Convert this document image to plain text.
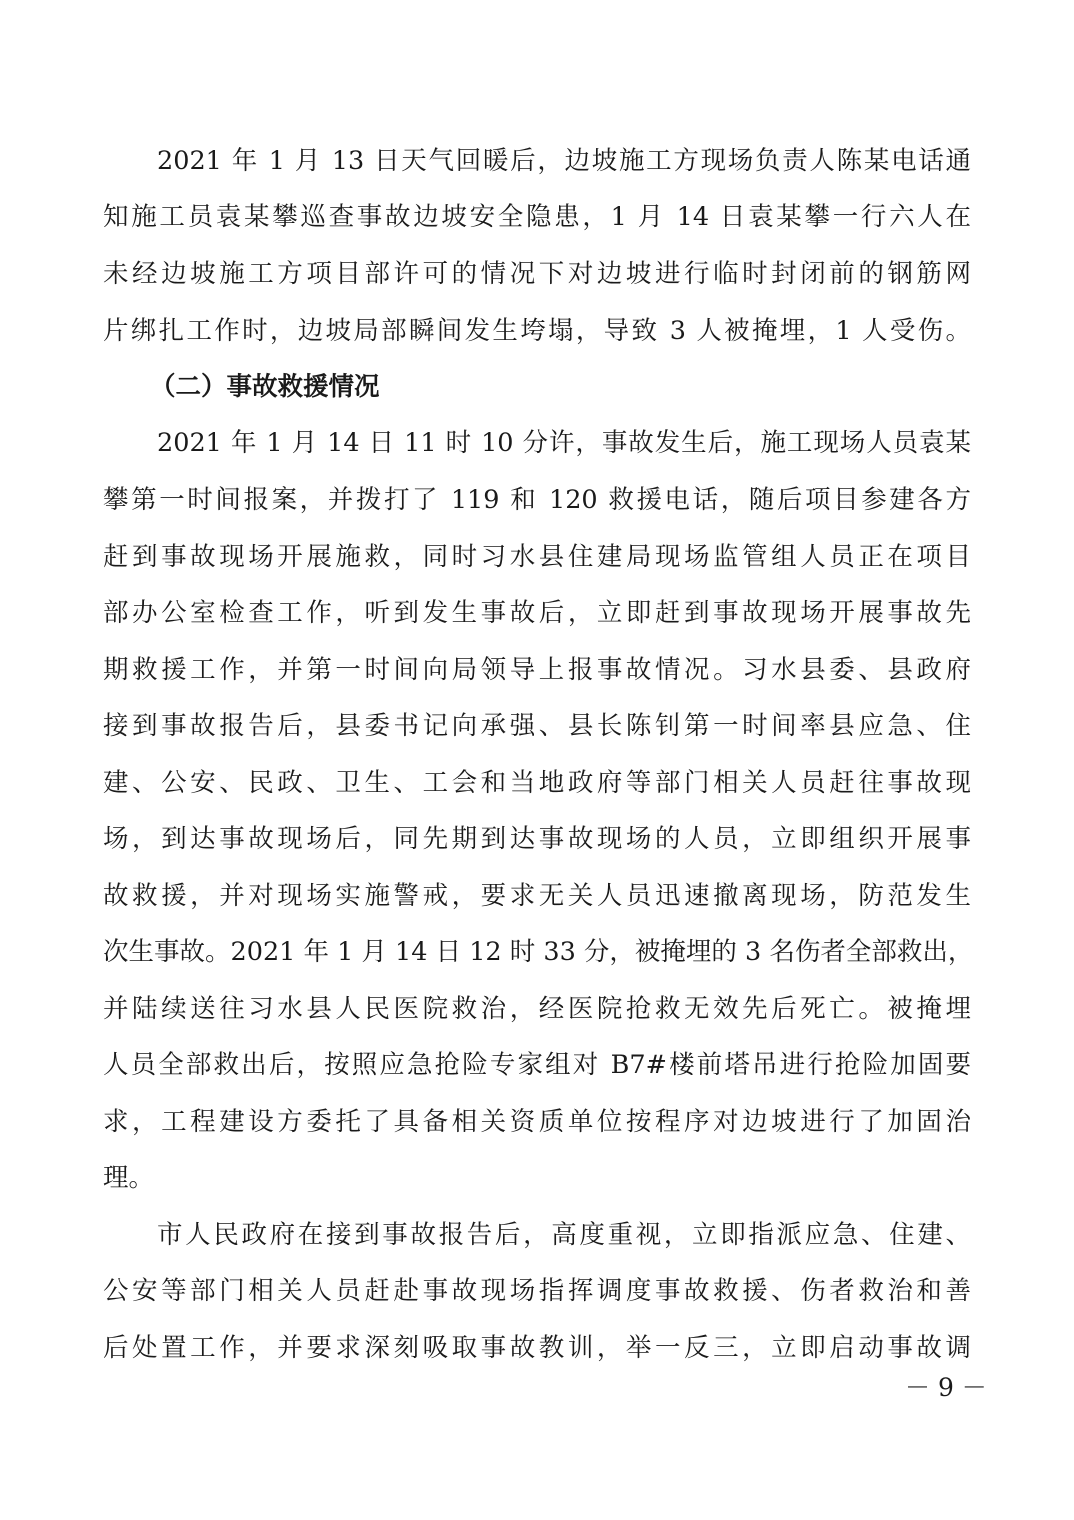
2021 年 1 月 13 日天气回暖后，边坡施工方现场负责人陈某电话通
知施工员袁某攀巡查事故边坡安全隐患，1 月 14 日袁某攀一行六人在
未经边坡施工方项目部许可的情况下对边坡进行临时封闭前的钢筋网
片绑扎工作时，边坡局部瞬间发生垮塌，导致 3 人被掩埋，1 人受伤。
（二）事故救援情况
2021 年 1 月 14 日 11 时 10 分许，事故发生后，施工现场人员袁某
攀第一时间报案，并拨打了 119 和 120 救援电话，随后项目参建各方
赶到事故现场开展施救，同时习水县住建局现场监管组人员正在项目
部办公室检查工作，听到发生事故后，立即赶到事故现场开展事故先
期救援工作，并第一时间向局领导上报事故情况。习水县委、县政府
接到事故报告后，县委书记向承强、县长陈钊第一时间率县应急、住
建、公安、民政、卫生、工会和当地政府等部门相关人员赶往事故现
场，到达事故现场后，同先期到达事故现场的人员，立即组织开展事
故救援，并对现场实施警戒，要求无关人员迅速撤离现场，防范发生
次生事故。2021 年 1 月 14 日 12 时 33 分，被掩埋的 3 名伤者全部救出，
并陆续送往习水县人民医院救治，经医院抢救无效先后死亡。被掩埋
人员全部救出后，按照应急抢险专家组对 B7#楼前塔吊进行抢险加固要
求，工程建设方委托了具备相关资质单位按程序对边坡进行了加固治
理。
市人民政府在接到事故报告后，高度重视，立即指派应急、住建、
公安等部门相关人员赶赴事故现场指挥调度事故救援、伤者救治和善
后处置工作，并要求深刻吸取事故教训，举一反三，立即启动事故调
－ 9 －
